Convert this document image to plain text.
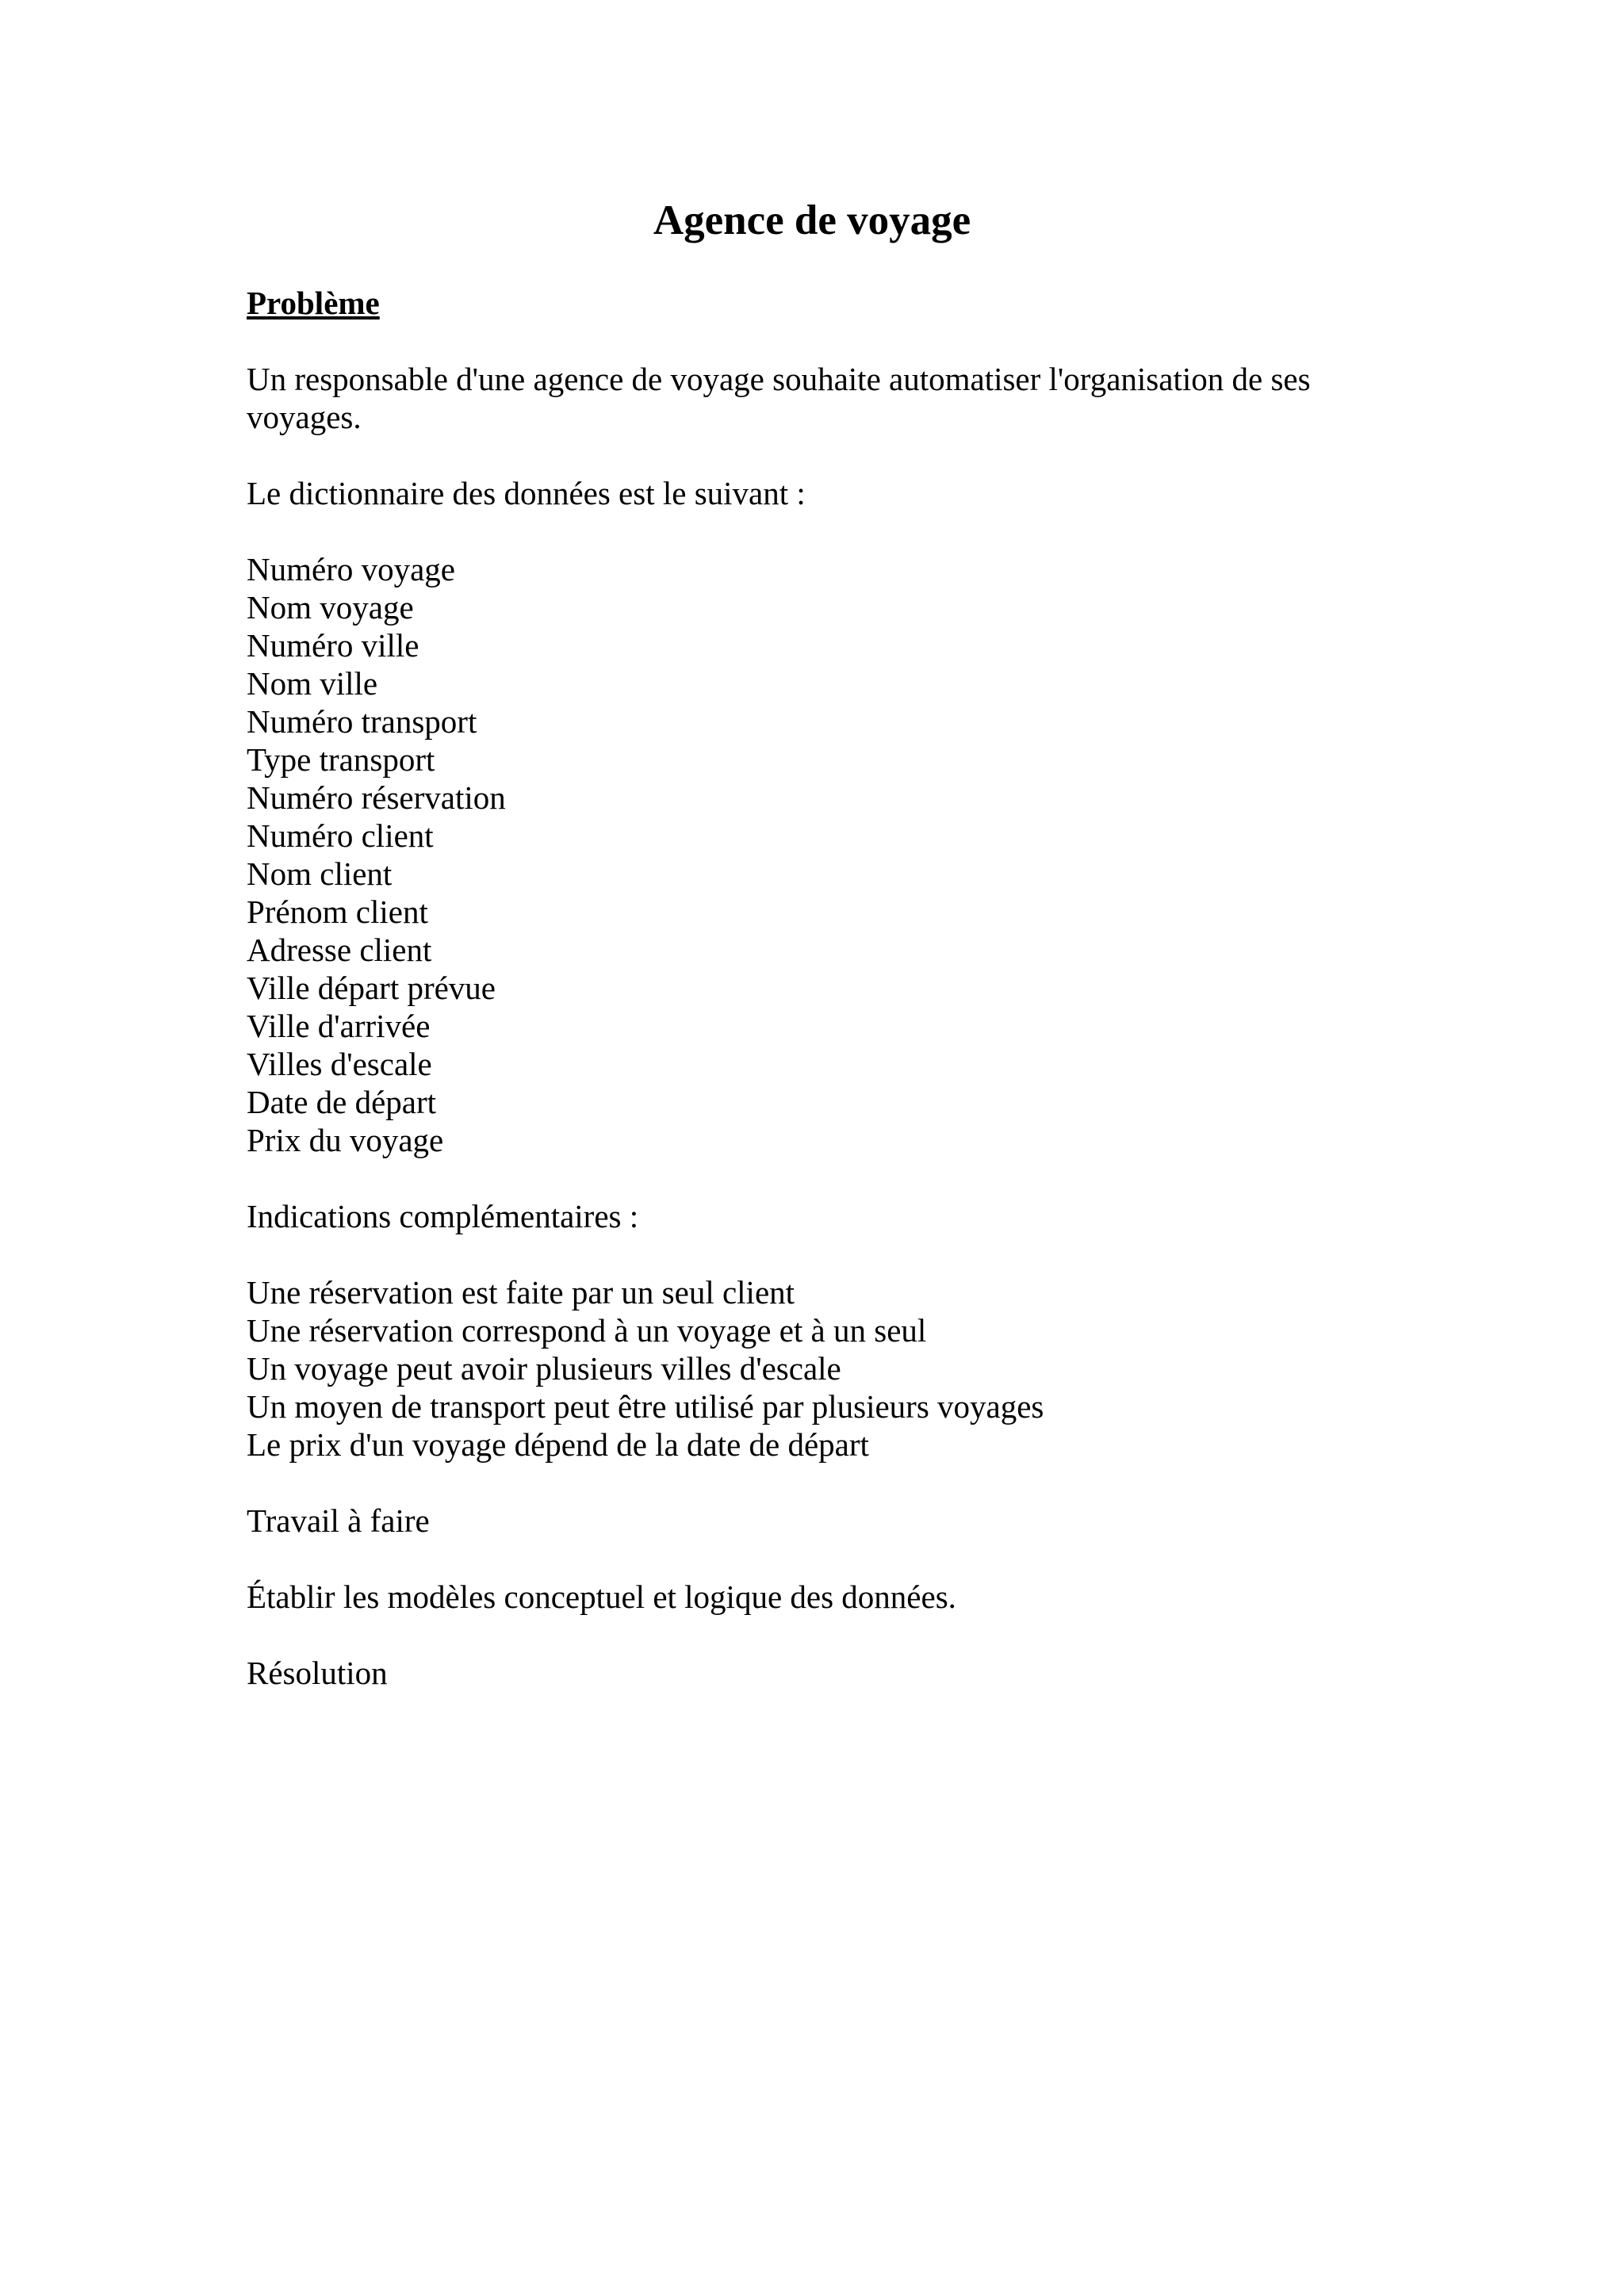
Agence de voyage

Problème

Un responsable d'une agence de voyage souhaite automatiser l'organisation de ses voyages.

Le dictionnaire des données est le suivant :

Numéro voyage
Nom voyage
Numéro ville
Nom ville
Numéro transport
Type transport
Numéro réservation
Numéro client
Nom client
Prénom client
Adresse client
Ville départ prévue
Ville d'arrivée
Villes d'escale
Date de départ
Prix du voyage

Indications complémentaires :

Une réservation est faite par un seul client
Une réservation correspond à un voyage et à un seul
Un voyage peut avoir plusieurs villes d'escale
Un moyen de transport peut être utilisé par plusieurs voyages
Le prix d'un voyage dépend de la date de départ

Travail à faire

Établir les modèles conceptuel et logique des données.

Résolution
